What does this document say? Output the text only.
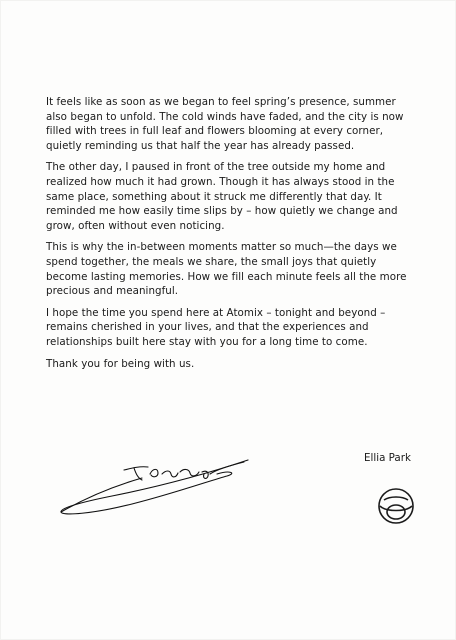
It feels like as soon as we began to feel spring’s presence, summer also began to unfold. The cold winds have faded, and the city is now filled with trees in full leaf and flowers blooming at every corner, quietly reminding us that half the year has already passed.

The other day, I paused in front of the tree outside my home and realized how much it had grown. Though it has always stood in the same place, something about it struck me differently that day. It reminded me how easily time slips by – how quietly we change and grow, often without even noticing.

This is why the in-between moments matter so much—the days we spend together, the meals we share, the small joys that quietly become lasting memories. How we fill each minute feels all the more precious and meaningful.

I hope the time you spend here at Atomix – tonight and beyond – remains cherished in your lives, and that the experiences and relationships built here stay with you for a long time to come.

Thank you for being with us.

Ellia Park
